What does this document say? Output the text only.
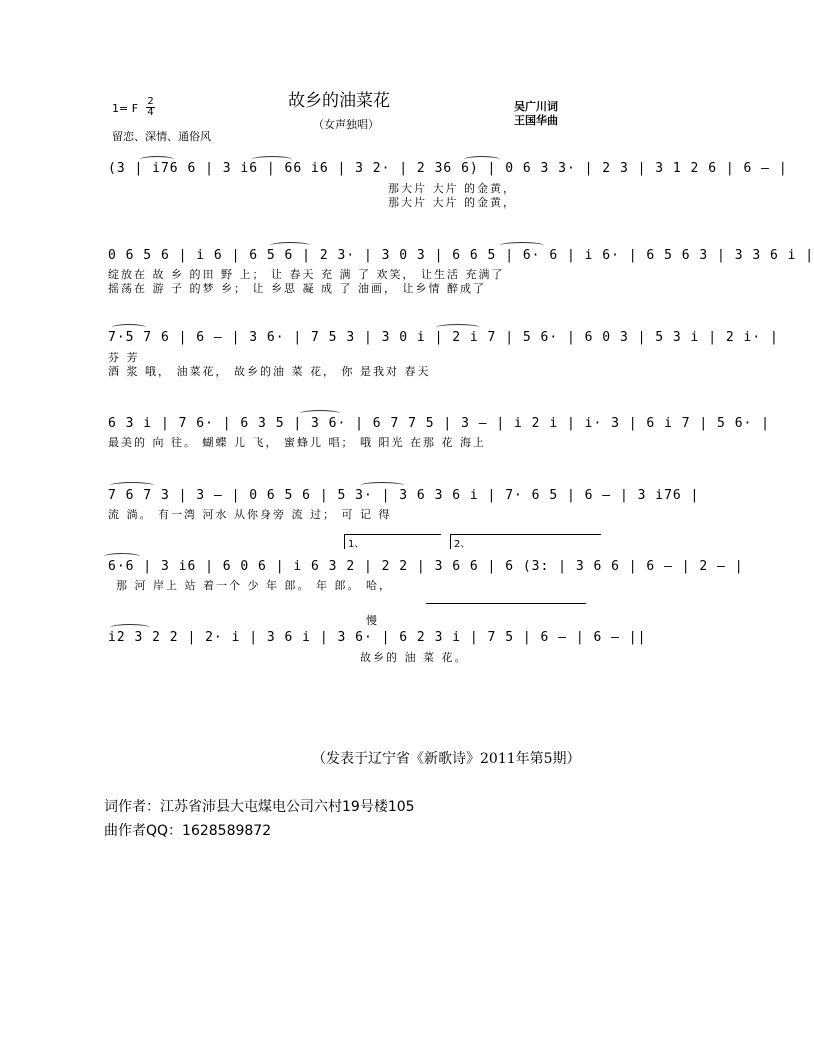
故乡的油菜花
（女声独唱）
1= F
2
4
留恋、深情、通俗风
吴广川词
王国华曲
(3 | i76 6 | 3 i6 | 66 i6 | 3 2· | 2 36 6) | 0 6 3 3· | 2 3 | 3 1 2 6 | 6 — |
那大片 大片 的金黄，
那大片 大片 的金黄，
0 6 5 6 | i 6 | 6 5 6 | 2 3· | 3 0 3 | 6 6 5 | 6· 6 | i 6· | 6 5 6 3 | 3 3 6 i |
绽放在 故 乡 的田 野 上； 让 春天 充 满 了 欢笑， 让生活 充满了
摇荡在 游 子 的梦 乡； 让 乡思 凝 成 了 油画， 让乡情 醉成了
7·5 7 6 | 6 — | 3 6· | 7 5 3 | 3 0 i | 2 i 7 | 5 6· | 6 0 3 | 5 3 i | 2 i· |
芬 芳
酒 浆 哦， 油菜花， 故乡的油 菜 花， 你 是我对 春天
6 3 i | 7 6· | 6 3 5 | 3 6· | 6 7 7 5 | 3 — | i 2 i | i· 3 | 6 i 7 | 5 6· |
最美的 向 往。 蝴蝶 儿 飞， 蜜蜂儿 唱； 哦 阳光 在那 花 海上
7 6 7 3 | 3 — | 0 6 5 6 | 5 3· | 3 6 3 6 i | 7· 6 5 | 6 — | 3 i76 |
流 淌。 有一湾 河水 从你身旁 流 过； 可 记 得
1、	2、
6·6 | 3 i6 | 6 0 6 | i 6 3 2 | 2 2 | 3 6 6 | 6 (3: | 3 6 6 | 6 — | 2 — |
那 河 岸上 站 着一个 少 年 郎。 年 郎。 哈，
慢
i2 3 2 2 | 2· i | 3 6 i | 3 6· | 6 2 3 i | 7 5 | 6 — | 6 — ||
故乡的 油 菜 花。
（发表于辽宁省《新歌诗》2011年第5期）
词作者：江苏省沛县大屯煤电公司六村19号楼105
曲作者QQ：1628589872
